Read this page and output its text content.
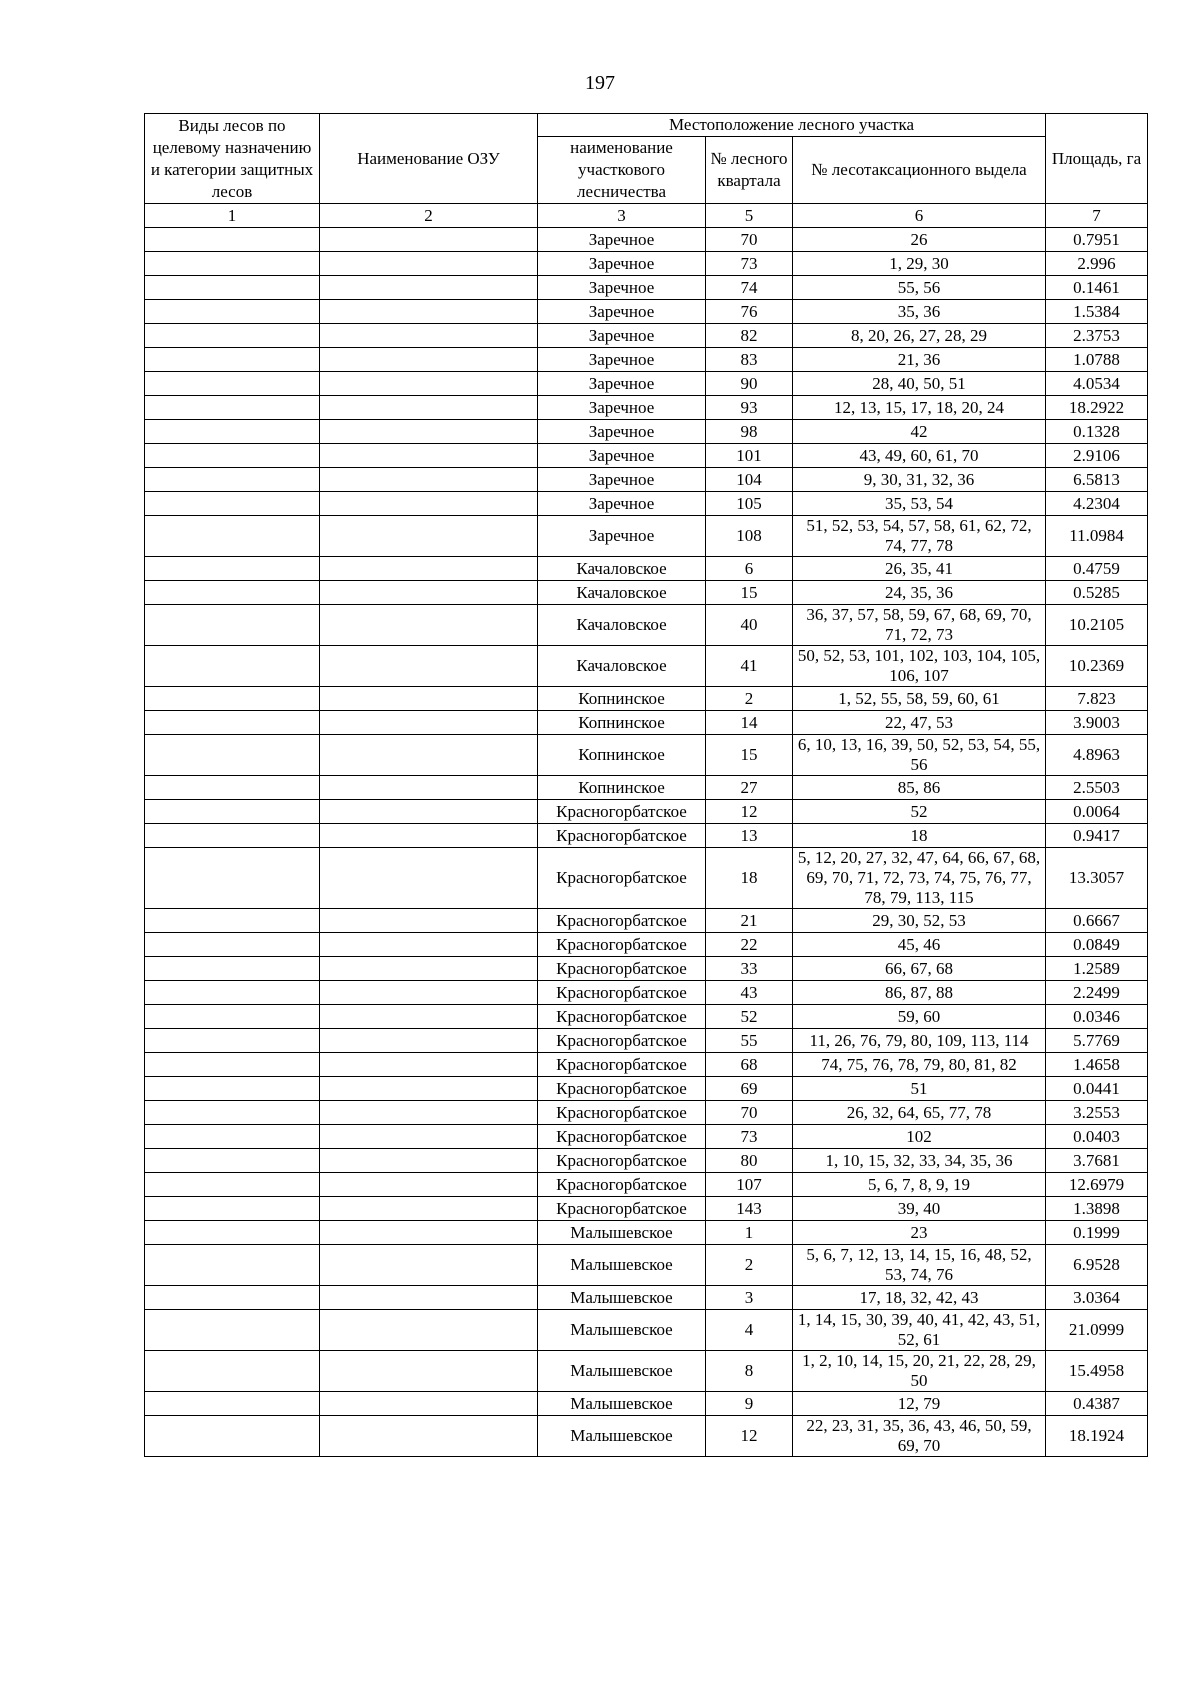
197
Виды лесов по целевому назначению и категории защитных лесов	Наименование ОЗУ	Местоположение лесного участка			Площадь, га
		наименование участкового лесничества	№ лесного квартала	№ лесотаксационного выдела	
1	2	3	5	6	7
		Заречное	70	26	0.7951
		Заречное	73	1, 29, 30	2.996
		Заречное	74	55, 56	0.1461
		Заречное	76	35, 36	1.5384
		Заречное	82	8, 20, 26, 27, 28, 29	2.3753
		Заречное	83	21, 36	1.0788
		Заречное	90	28, 40, 50, 51	4.0534
		Заречное	93	12, 13, 15, 17, 18, 20, 24	18.2922
		Заречное	98	42	0.1328
		Заречное	101	43, 49, 60, 61, 70	2.9106
		Заречное	104	9, 30, 31, 32, 36	6.5813
		Заречное	105	35, 53, 54	4.2304
		Заречное	108	51, 52, 53, 54, 57, 58, 61, 62, 72, 74, 77, 78	11.0984
		Качаловское	6	26, 35, 41	0.4759
		Качаловское	15	24, 35, 36	0.5285
		Качаловское	40	36, 37, 57, 58, 59, 67, 68, 69, 70, 71, 72, 73	10.2105
		Качаловское	41	50, 52, 53, 101, 102, 103, 104, 105, 106, 107	10.2369
		Копнинское	2	1, 52, 55, 58, 59, 60, 61	7.823
		Копнинское	14	22, 47, 53	3.9003
		Копнинское	15	6, 10, 13, 16, 39, 50, 52, 53, 54, 55, 56	4.8963
		Копнинское	27	85, 86	2.5503
		Красногорбатское	12	52	0.0064
		Красногорбатское	13	18	0.9417
		Красногорбатское	18	5, 12, 20, 27, 32, 47, 64, 66, 67, 68, 69, 70, 71, 72, 73, 74, 75, 76, 77, 78, 79, 113, 115	13.3057
		Красногорбатское	21	29, 30, 52, 53	0.6667
		Красногорбатское	22	45, 46	0.0849
		Красногорбатское	33	66, 67, 68	1.2589
		Красногорбатское	43	86, 87, 88	2.2499
		Красногорбатское	52	59, 60	0.0346
		Красногорбатское	55	11, 26, 76, 79, 80, 109, 113, 114	5.7769
		Красногорбатское	68	74, 75, 76, 78, 79, 80, 81, 82	1.4658
		Красногорбатское	69	51	0.0441
		Красногорбатское	70	26, 32, 64, 65, 77, 78	3.2553
		Красногорбатское	73	102	0.0403
		Красногорбатское	80	1, 10, 15, 32, 33, 34, 35, 36	3.7681
		Красногорбатское	107	5, 6, 7, 8, 9, 19	12.6979
		Красногорбатское	143	39, 40	1.3898
		Малышевское	1	23	0.1999
		Малышевское	2	5, 6, 7, 12, 13, 14, 15, 16, 48, 52, 53, 74, 76	6.9528
		Малышевское	3	17, 18, 32, 42, 43	3.0364
		Малышевское	4	1, 14, 15, 30, 39, 40, 41, 42, 43, 51, 52, 61	21.0999
		Малышевское	8	1, 2, 10, 14, 15, 20, 21, 22, 28, 29, 50	15.4958
		Малышевское	9	12, 79	0.4387
		Малышевское	12	22, 23, 31, 35, 36, 43, 46, 50, 59, 69, 70	18.1924
